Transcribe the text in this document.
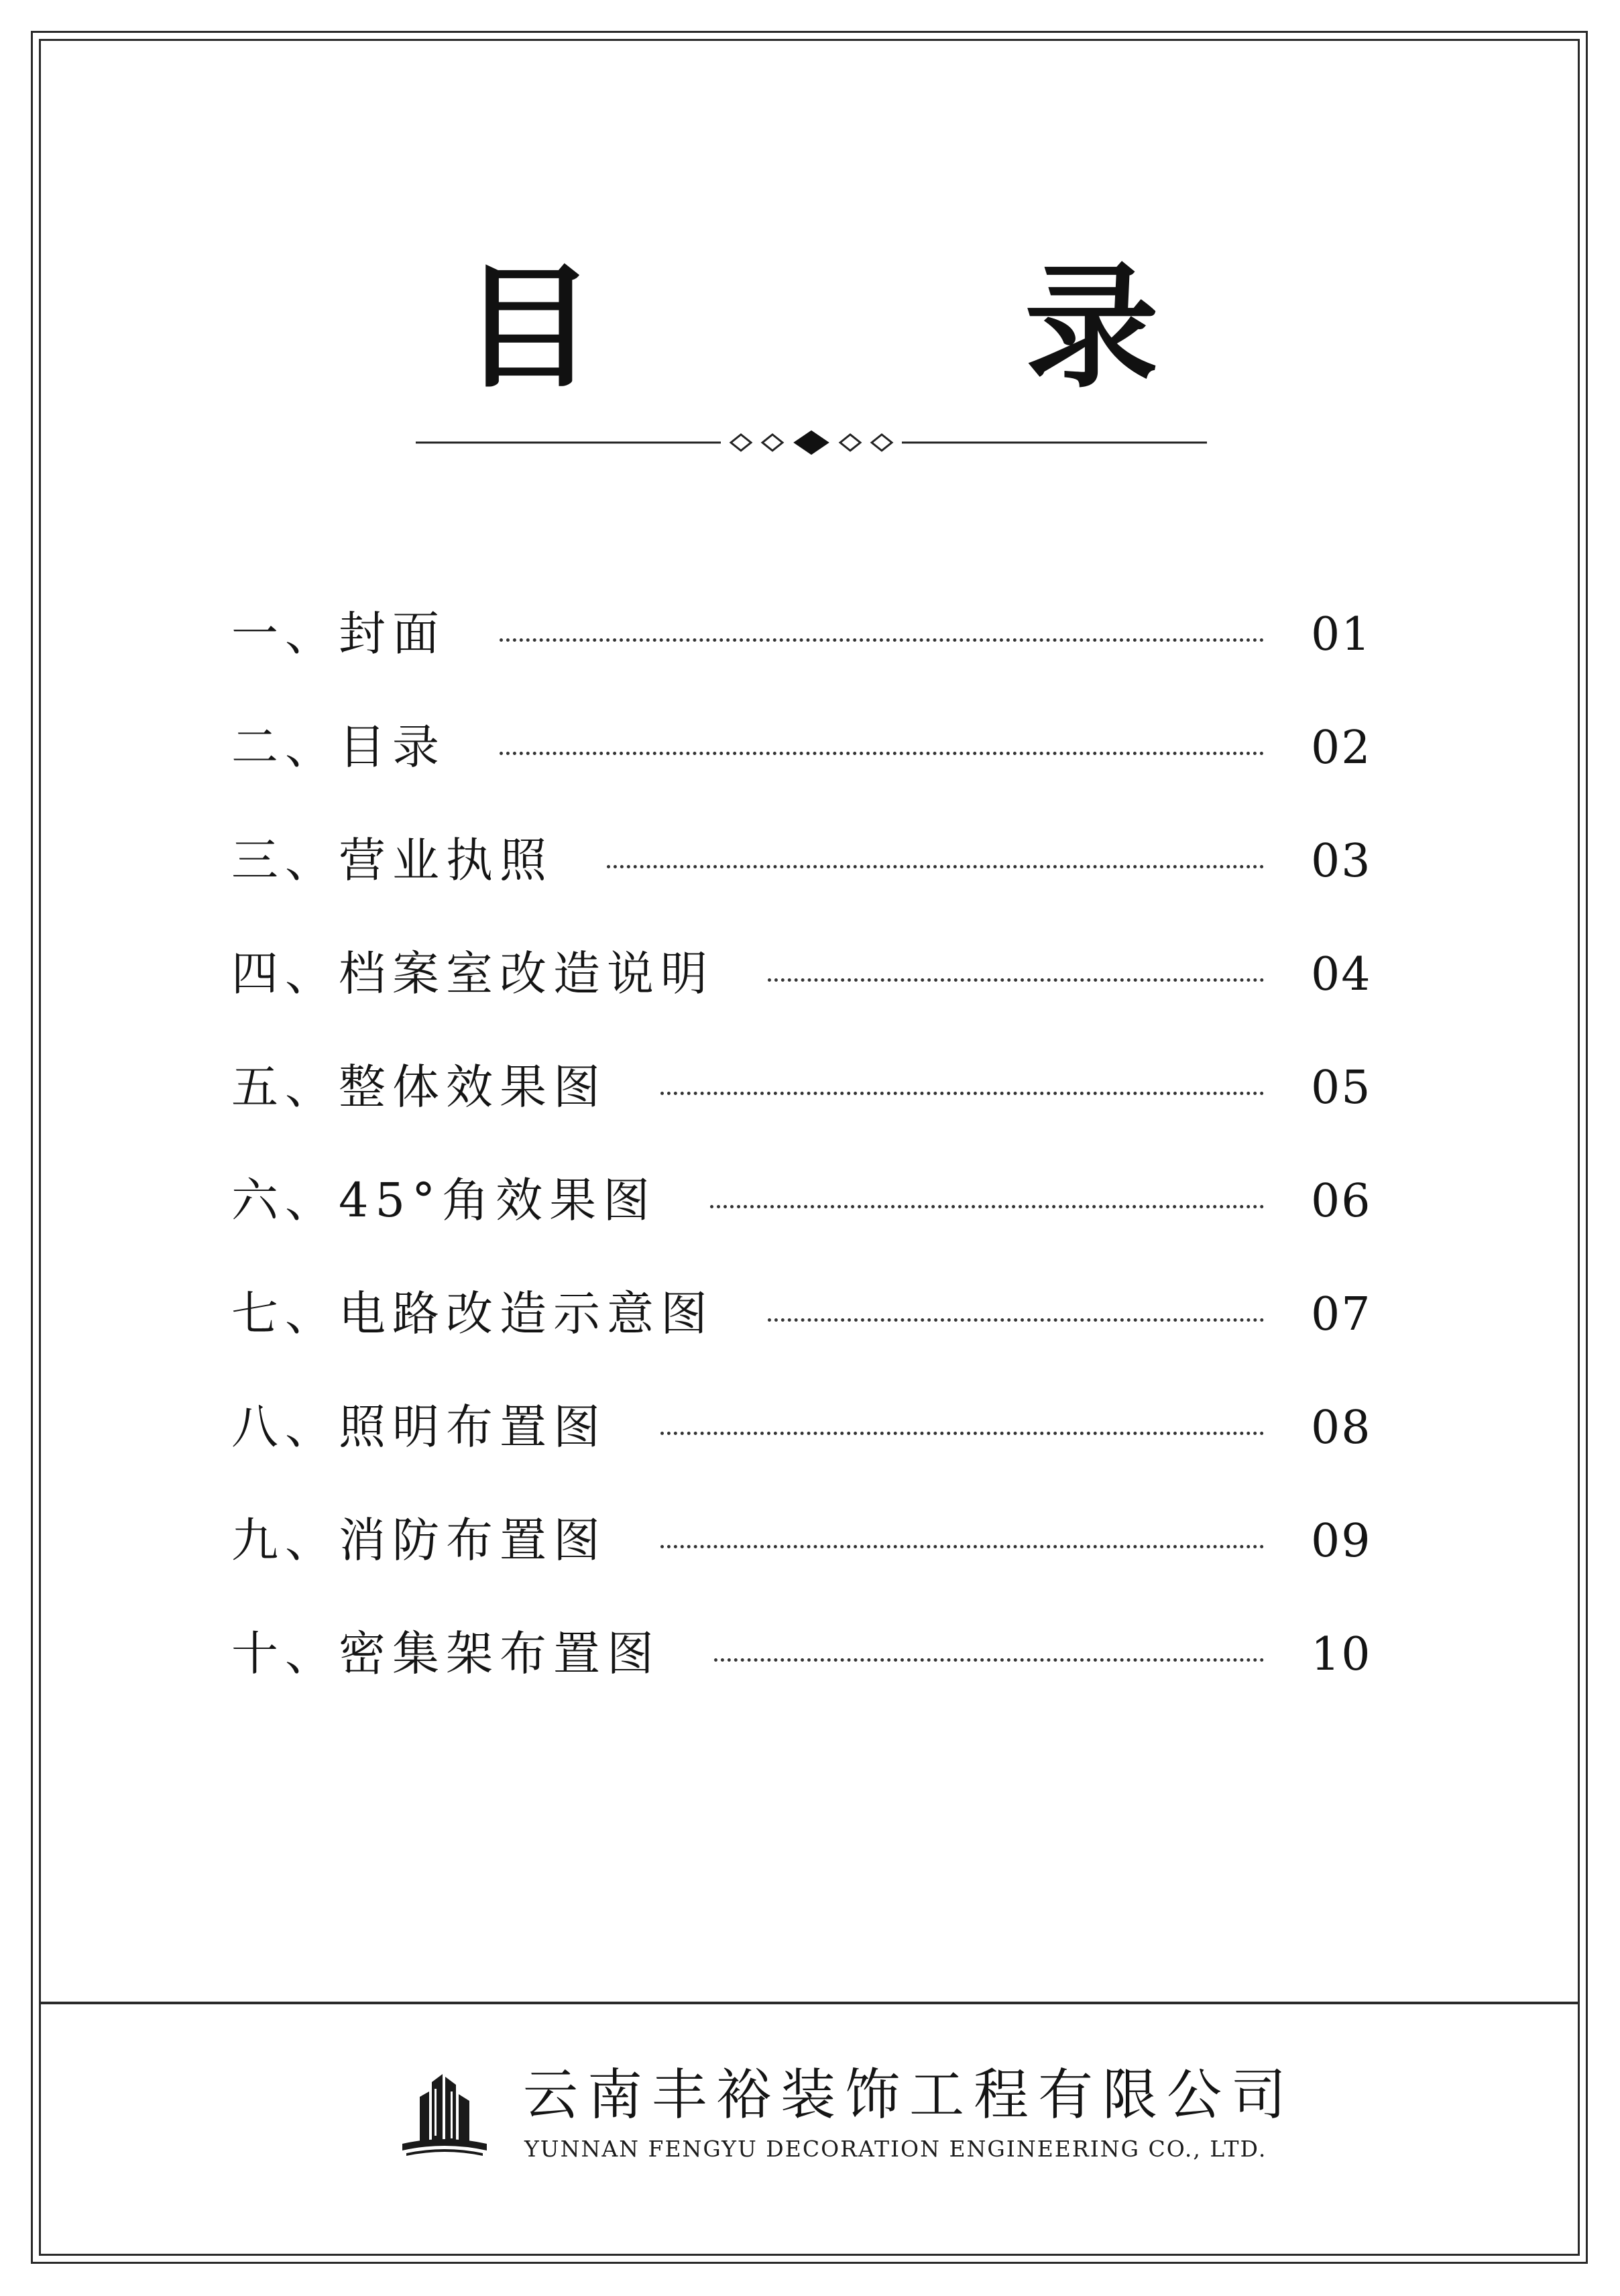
目　录
一、封面	01
二、目录	02
三、营业执照	03
四、档案室改造说明	04
五、整体效果图	05
六、45°角效果图	06
七、电路改造示意图	07
八、照明布置图	08
九、消防布置图	09
十、密集架布置图	10
云南丰裕装饰工程有限公司
YUNNAN FENGYU DECORATION ENGINEERING CO., LTD.
